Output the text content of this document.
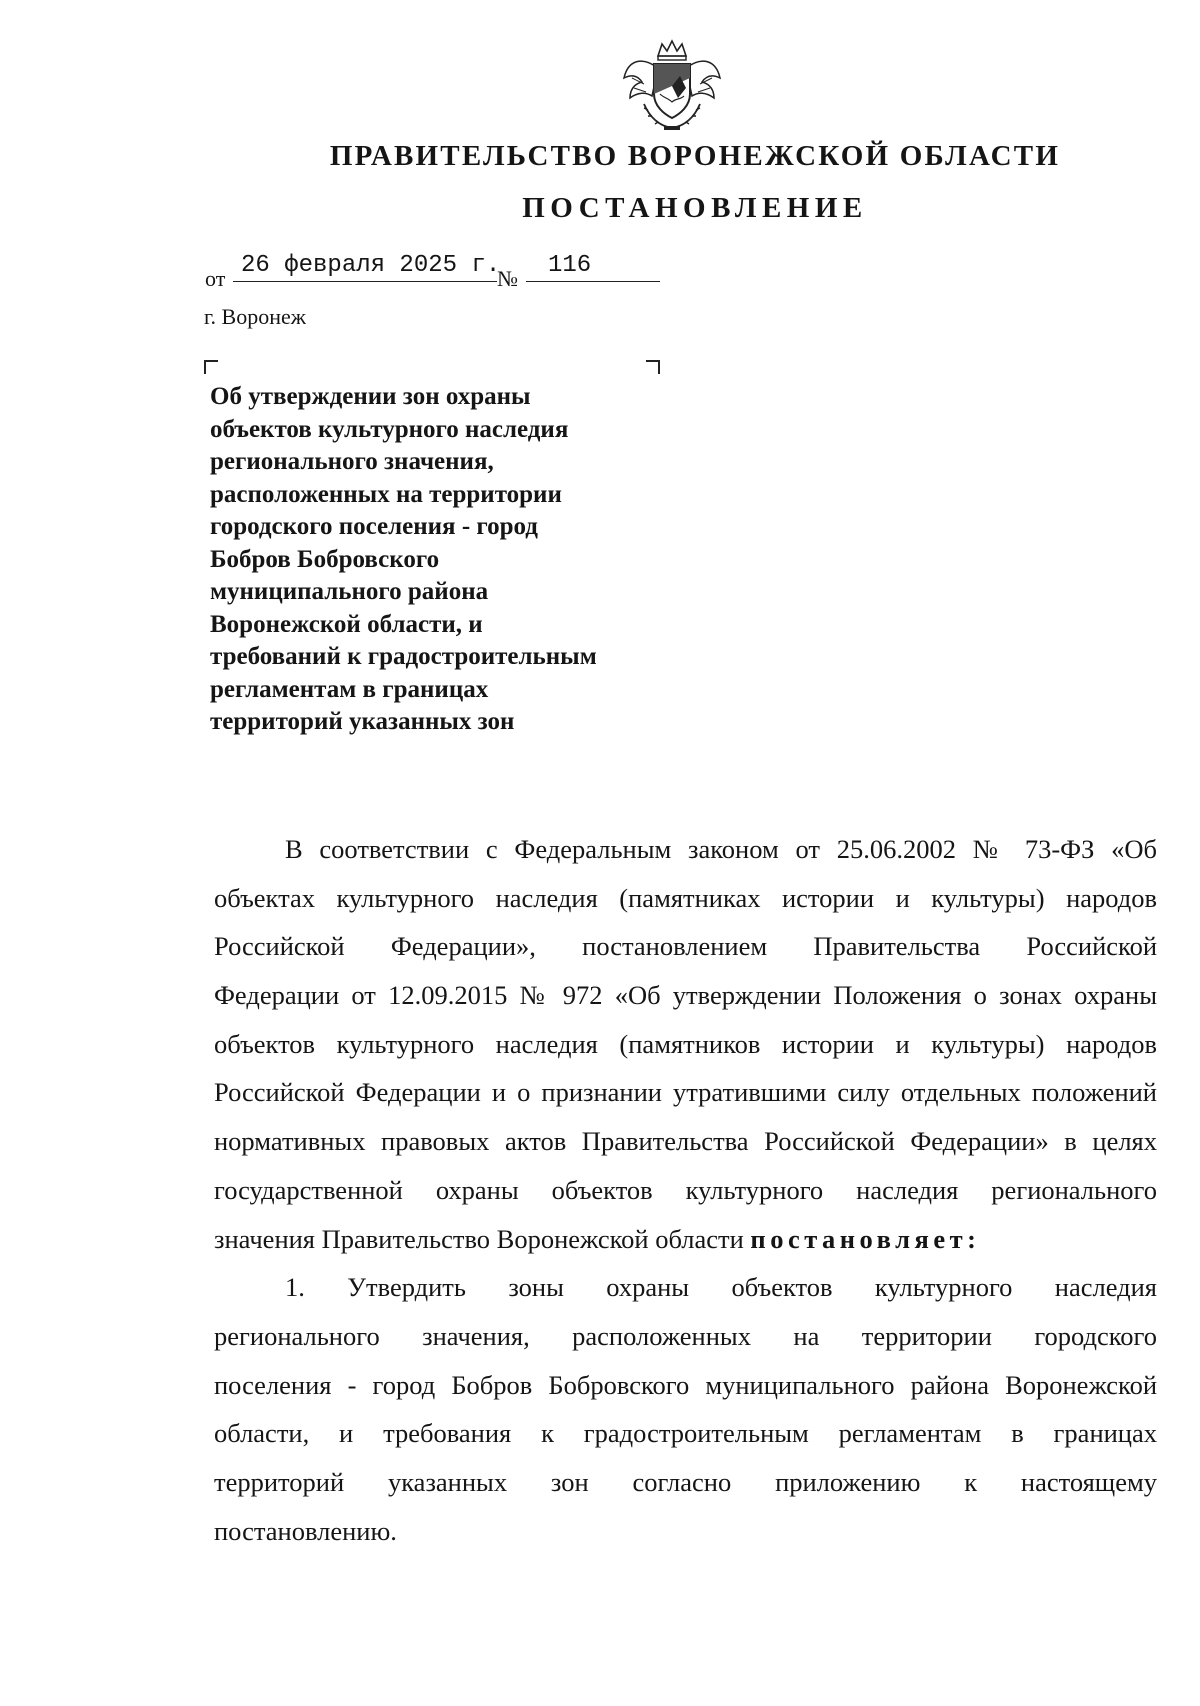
ПРАВИТЕЛЬСТВО ВОРОНЕЖСКОЙ ОБЛАСТИ
ПОСТАНОВЛЕНИЕ
от 26 февраля 2025 г.
№	116
г. Воронеж
Об утверждении зон охраны
объектов культурного наследия
регионального значения,
расположенных на территории
городского поселения - город
Бобров Бобровского
муниципального района
Воронежской области, и
требований к градостроительным
регламентам в границах
территорий указанных зон
В соответствии с Федеральным законом от 25.06.2002 № 73-ФЗ «Об
объектах культурного наследия (памятниках истории и культуры) народов
Российской Федерации», постановлением Правительства Российской
Федерации от 12.09.2015 № 972 «Об утверждении Положения о зонах охраны
объектов культурного наследия (памятников истории и культуры) народов
Российской Федерации и о признании утратившими силу отдельных положений
нормативных правовых актов Правительства Российской Федерации» в целях
государственной охраны объектов культурного наследия регионального
значения Правительство Воронежской области постановляет:
1. Утвердить зоны охраны объектов культурного наследия
регионального значения, расположенных на территории городского
поселения - город Бобров Бобровского муниципального района Воронежской
области, и требования к градостроительным регламентам в границах
территорий указанных зон согласно приложению к настоящему
постановлению.
